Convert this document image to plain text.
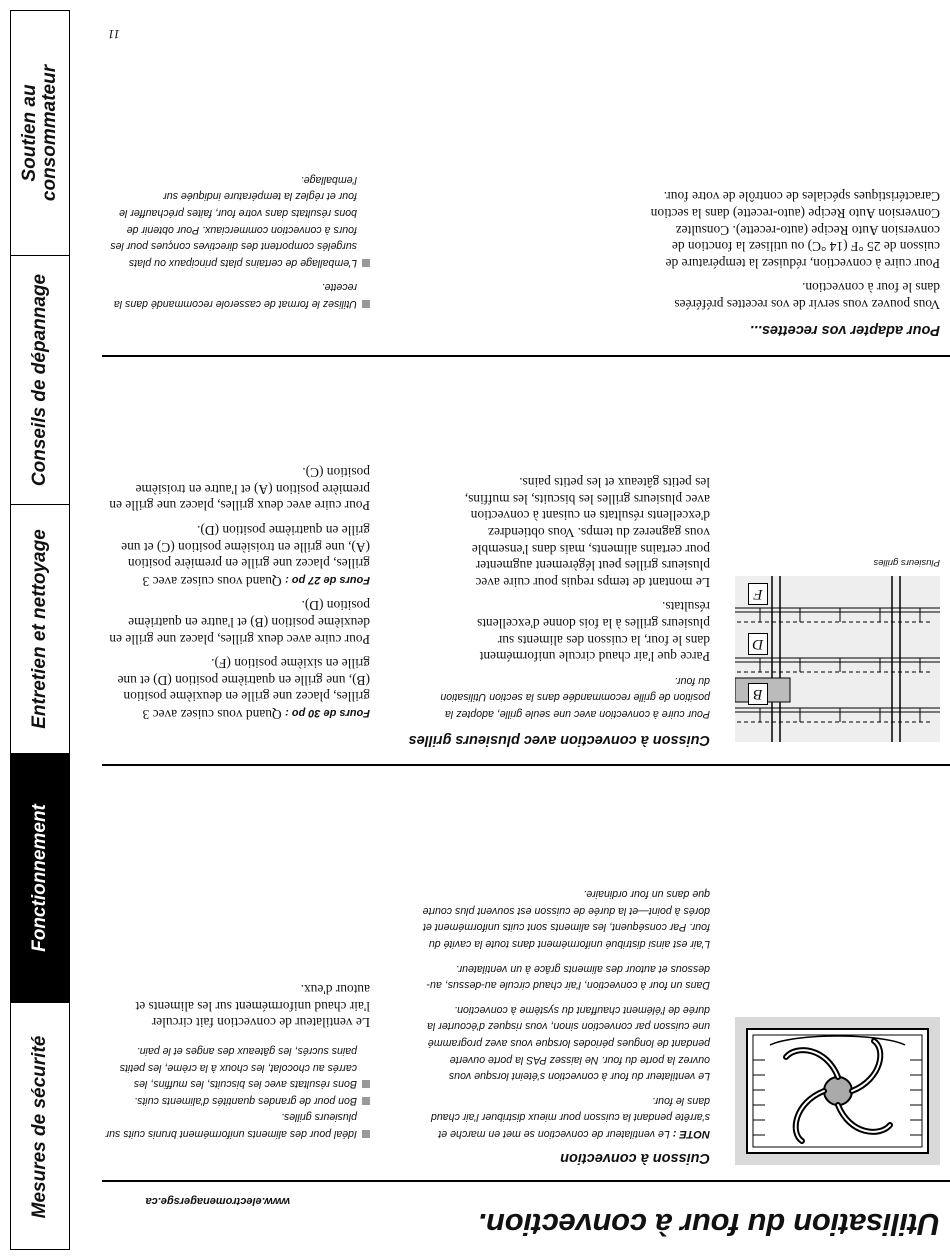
Soutien au
consommateur
Conseils de dépannage
Entretien et nettoyage
Fonctionnement
Mesures de sécurité
Utilisation du four à convection.
www.electromenagersge.ca
11
Cuisson à convection
NOTE : Le ventilateur de convection se met en marche et s'arrête pendant la cuisson pour mieux distribuer l'air chaud dans le four.
Le ventilateur du four à convection s'éteint lorsque vous ouvrez la porte du four. Ne laissez PAS la porte ouverte pendant de longues périodes lorsque vous avez programmé une cuisson par convection sinon, vous risquez d'écourter la durée de l'élément chauffant du système à convection.
Dans un four à convection, l'air chaud circule au-dessus, au-dessous et autour des aliments grâce à un ventilateur.
L'air est ainsi distribué uniformément dans toute la cavité du four. Par conséquent, les aliments sont cuits uniformément et dorés à point—et la durée de cuisson est souvent plus courte que dans un four ordinaire.
Idéal pour des aliments uniformément brunis cuits sur plusieurs grilles.
Bon pour de grandes quantités d'aliments cuits.
Bons résultats avec les biscuits, les muffins, les carrés au chocolat, les choux à la crème, les petits pains sucrés, les gâteaux des anges et le pain.
Le ventilateur de convection fait circuler l'air chaud uniformément sur les aliments et autour d'eux.
F
D
B
Plusieurs grilles
Cuisson à convection avec plusieurs grilles
Pour cuire à convection avec une seule grille, adoptez la position de grille recommandée dans la section Utilisation du four.
Parce que l'air chaud circule uniformément dans le four, la cuisson des aliments sur plusieurs grilles à la fois donne d'excellents résultats.
Le montant de temps requis pour cuire avec plusieurs grilles peut légèrement augmenter pour certains aliments, mais dans l'ensemble vous gagnerez du temps. Vous obtiendrez d'excellents résultats en cuisant à convection avec plusieurs grilles les biscuits, les muffins, les petits gâteaux et les petits pains.
Fours de 30 po : Quand vous cuisez avec 3 grilles, placez une grille en deuxième position (B), une grille en quatrième position (D) et une grille en sixième position (F).
Pour cuire avec deux grilles, placez une grille en deuxième position (B) et l'autre en quatrième position (D).
Fours de 27 po : Quand vous cuisez avec 3 grilles, placez une grille en première position (A), une grille en troisième position (C) et une grille en quatrième position (D).
Pour cuire avec deux grilles, placez une grille en première position (A) et l'autre en troisième position (C).
Pour adapter vos recettes...
Vous pouvez vous servir de vos recettes préférées dans le four à convection.
Pour cuire à convection, réduisez la température de cuisson de 25 °F (14 °C) ou utilisez la fonction de conversion Auto Recipe (auto-recette). Consultez Conversion Auto Recipe (auto-recette) dans la section Caractéristiques spéciales de contrôle de votre four.
Utilisez le format de casserole recommandé dans la recette.
L'emballage de certains plats principaux ou plats surgelés comportent des directives conçues pour les fours à convection commerciaux. Pour obtenir de bons résultats dans votre four, faites préchauffer le four et réglez la température indiquée sur l'emballage.
